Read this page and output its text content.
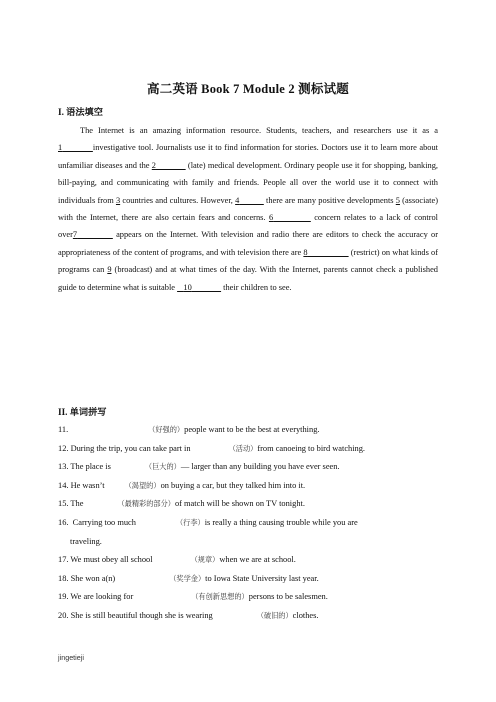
高二英语 Book 7 Module 2 测标试题
I. 语法填空

The Internet is an amazing information resource. Students, teachers, and researchers use it as a 1	investigative tool. Journalists use it to find information for stories. Doctors use it to learn more about unfamiliar diseases and the 2	(late) medical development. Ordinary people use it for shopping, banking, bill-paying, and communicating with family and friends. People all over the world use it to connect with individuals from 3 countries and cultures. However, 4	there are many positive developments 5 (associate) with the Internet, there are also certain fears and concerns. 6	concern relates to a lack of control over7	appears on the Internet. With television and radio there are editors to check the accuracy or appropriateness of the content of programs, and with television there are 8	(restrict) on what kinds of programs can 9 (broadcast) and at what times of the day. With the Internet, parents cannot check a published guide to determine what is suitable    10	their children to see.

II. 单词拼写
11.	（好强的）people want to be the best at everything.
12. During the trip, you can take part in	（活动）from canoeing to bird watching.
13. The place is	（巨大的）— larger than any building you have ever seen.
14. He wasn’t	（渴望的）on buying a car, but they talked him into it.
15. The	（最精彩的部分）of match will be shown on TV tonight.
16. Carrying too much	（行李）is really a thing causing trouble while you are
traveling.
17. We must obey all school	（规章）when we are at school.
18. She won a(n)	（奖学金）to Iowa State University last year.
19. We are looking for	（有创新思想的）persons to be salesmen.
20. She is still beautiful though she is wearing	（破旧的）clothes.
jingetieji
